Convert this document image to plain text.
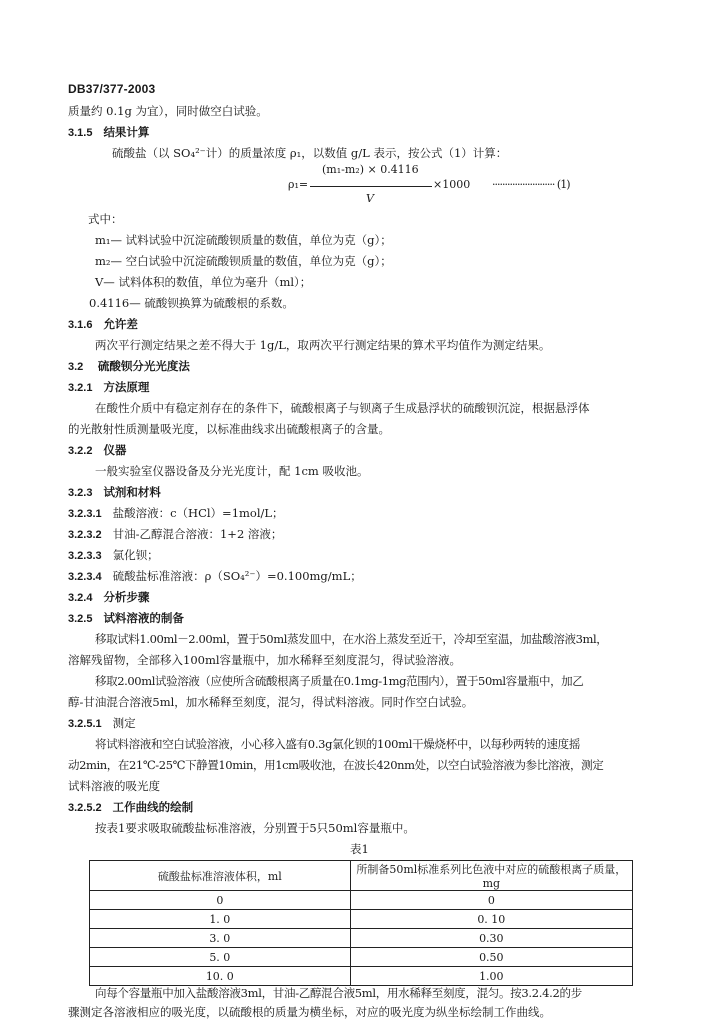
DB37/377-2003
质量约 0.1g 为宜），同时做空白试验。
3.1.5 结果计算
硫酸盐（以 SO₄²⁻计）的质量浓度 ρ₁，以数值 g/L 表示，按公式（1）计算：
(m₁-m₂) × 0.4116
ρ₁=	×1000 ························· (1)
V
式中：
m₁— 试料试验中沉淀硫酸钡质量的数值，单位为克（g）；
m₂— 空白试验中沉淀硫酸钡质量的数值，单位为克（g）；
V— 试料体积的数值，单位为毫升（ml）；
0.4116— 硫酸钡换算为硫酸根的系数。
3.1.6 允许差
两次平行测定结果之差不得大于 1g/L，取两次平行测定结果的算术平均值作为测定结果。
3.2 硫酸钡分光光度法
3.2.1 方法原理
在酸性介质中有稳定剂存在的条件下，硫酸根离子与钡离子生成悬浮状的硫酸钡沉淀，根据悬浮体
的光散射性质测量吸光度，以标准曲线求出硫酸根离子的含量。
3.2.2 仪器
一般实验室仪器设备及分光光度计，配 1cm 吸收池。
3.2.3 试剂和材料
3.2.3.1 盐酸溶液：c（HCl）=1mol/L；
3.2.3.2 甘油-乙醇混合溶液：1+2 溶液；
3.2.3.3 氯化钡；
3.2.3.4 硫酸盐标准溶液：ρ（SO₄²⁻）=0.100mg/mL；
3.2.4 分析步骤
3.2.5 试料溶液的制备
移取试料1.00ml－2.00ml，置于50ml蒸发皿中，在水浴上蒸发至近干，冷却至室温，加盐酸溶液3ml，
溶解残留物，全部移入100ml容量瓶中，加水稀释至刻度混匀，得试验溶液。
移取2.00ml试验溶液（应使所含硫酸根离子质量在0.1mg-1mg范围内），置于50ml容量瓶中，加乙
醇-甘油混合溶液5ml，加水稀释至刻度，混匀，得试料溶液。同时作空白试验。
3.2.5.1 测定
将试料溶液和空白试验溶液，小心移入盛有0.3g氯化钡的100ml干燥烧杯中，以每秒两转的速度摇
动2min，在21℃-25℃下静置10min，用1cm吸收池，在波长420nm处，以空白试验溶液为参比溶液，测定
试料溶液的吸光度
3.2.5.2 工作曲线的绘制
按表1要求吸取硫酸盐标准溶液，分别置于5只50ml容量瓶中。
表1
硫酸盐标准溶液体积，ml	所制备50ml标准系列比色液中对应的硫酸根离子质量，mg
0	0
1. 0	0. 10
3. 0	0.30
5. 0	0.50
10. 0	1.00
向每个容量瓶中加入盐酸溶液3ml，甘油-乙醇混合液5ml，用水稀释至刻度，混匀。按3.2.4.2的步
骤测定各溶液相应的吸光度，以硫酸根的质量为横坐标，对应的吸光度为纵坐标绘制工作曲线。
